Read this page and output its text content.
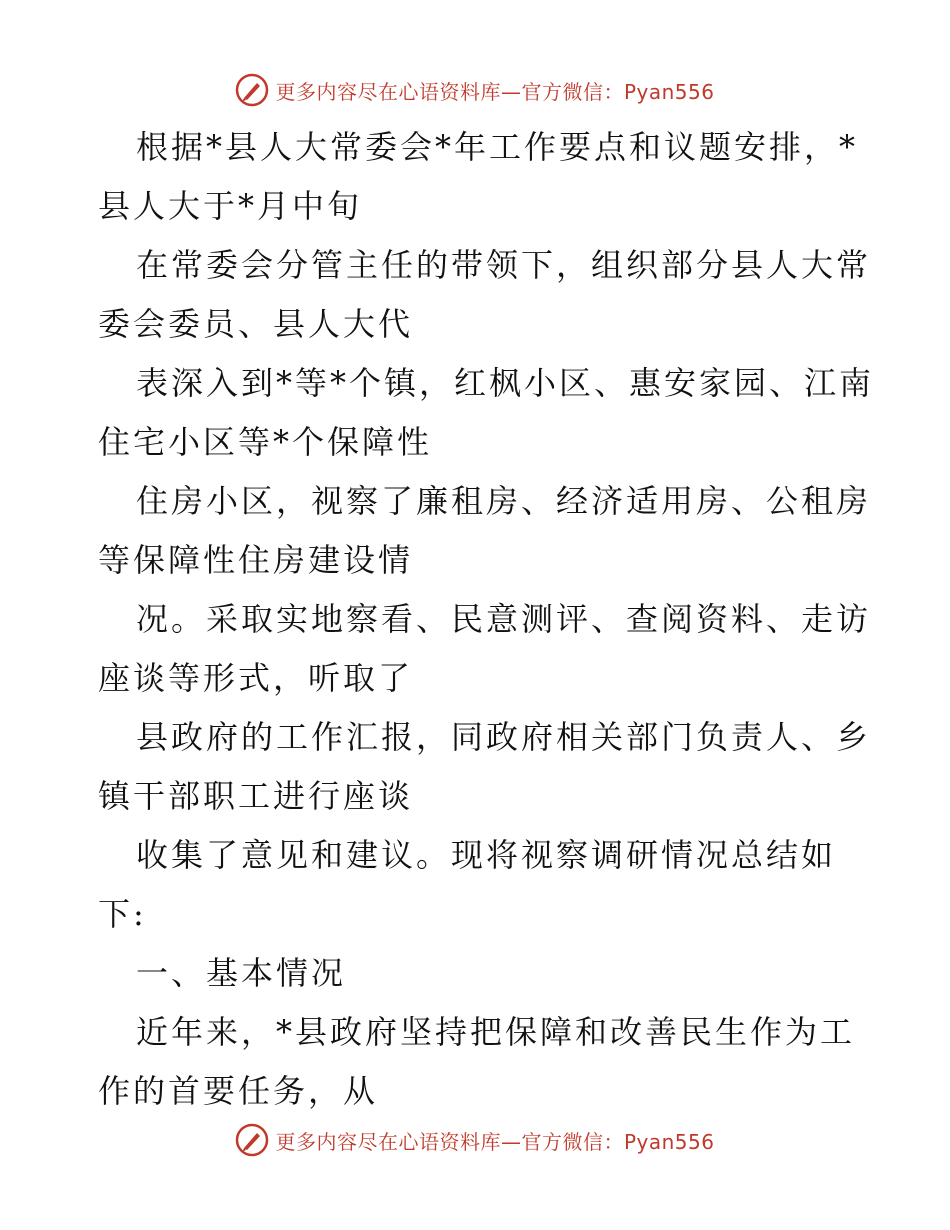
更多内容尽在心语资料库—官方微信：Pyan556
根据*县人大常委会*年工作要点和议题安排，*
县人大于*月中旬
在常委会分管主任的带领下，组织部分县人大常
委会委员、县人大代
表深入到*等*个镇，红枫小区、惠安家园、江南
住宅小区等*个保障性
住房小区，视察了廉租房、经济适用房、公租房
等保障性住房建设情
况。采取实地察看、民意测评、查阅资料、走访
座谈等形式，听取了
县政府的工作汇报，同政府相关部门负责人、乡
镇干部职工进行座谈
收集了意见和建议。现将视察调研情况总结如
下:
一、基本情况
近年来，*县政府坚持把保障和改善民生作为工
作的首要任务，从
更多内容尽在心语资料库—官方微信：Pyan556
